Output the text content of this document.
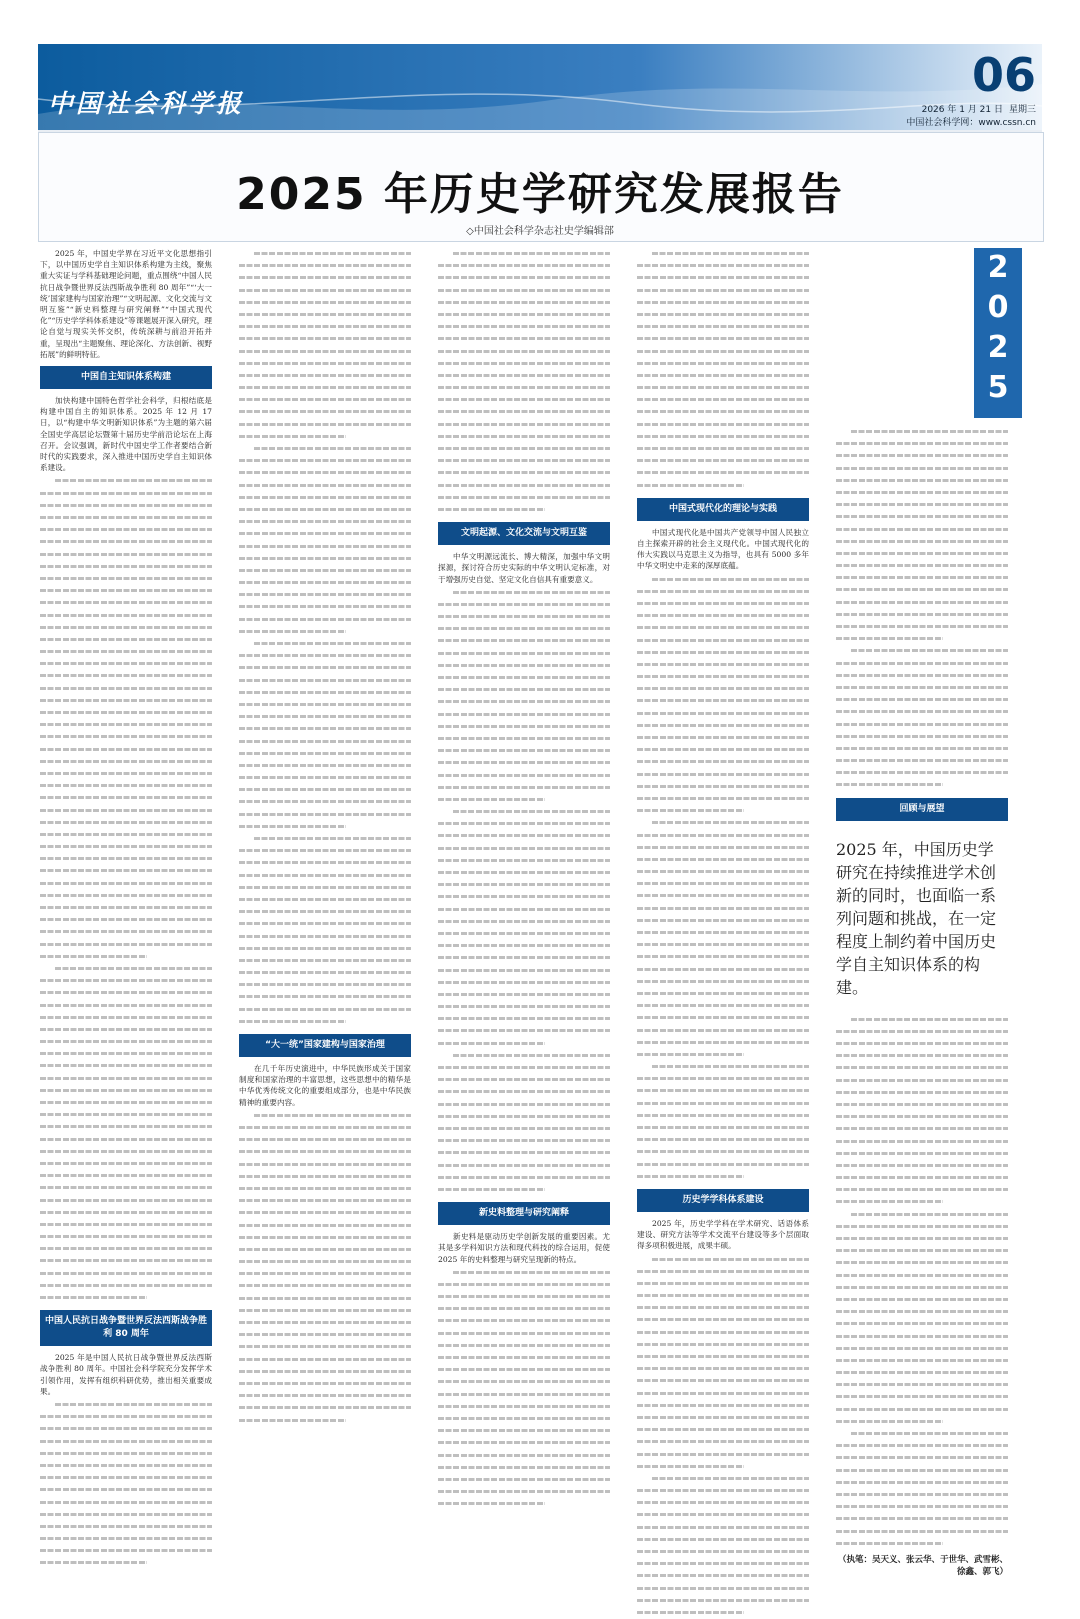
中国社会科学报
06
2026 年 1 月 21 日 星期三
中国社会科学网：www.cssn.cn
2025 年历史学研究发展报告
◇中国社会科学杂志社史学编辑部
2
0
2
5

2025 年，中国史学界在习近平文化思想指引下，以中国历史学自主知识体系构建为主线，聚焦重大实证与学科基础理论问题，重点围绕“中国人民抗日战争暨世界反法西斯战争胜利 80 周年”“‘大一统’国家建构与国家治理”“文明起源、文化交流与文明互鉴”“新史料整理与研究阐释”“中国式现代化”“历史学学科体系建设”等课题展开深入研究，理论自觉与现实关怀交织，传统深耕与前沿开拓并重，呈现出“主题聚焦、理论深化、方法创新、视野拓展”的鲜明特征。

中国自主知识体系构建

加快构建中国特色哲学社会科学，归根结底是构建中国自主的知识体系。2025 年 12 月 17 日，以“构建中华文明新知识体系”为主题的第六届全国史学高层论坛暨第十届历史学前沿论坛在上海召开。会议强调，新时代中国史学工作者要结合新时代的实践要求，深入推进中国历史学自主知识体系建设。

中国人民抗日战争暨世界反法西斯战争胜利 80 周年

2025 年是中国人民抗日战争暨世界反法西斯战争胜利 80 周年。中国社会科学院充分发挥学术引领作用，发挥有组织科研优势，推出相关重要成果。

“大一统”国家建构与国家治理

在几千年历史演进中，中华民族形成关于国家制度和国家治理的丰富思想，这些思想中的精华是中华优秀传统文化的重要组成部分，也是中华民族精神的重要内容。

文明起源、文化交流与文明互鉴

中华文明源远流长、博大精深，加强中华文明探源，探讨符合历史实际的中华文明认定标准，对于增强历史自觉、坚定文化自信具有重要意义。

新史料整理与研究阐释

新史料是驱动历史学创新发展的重要因素。尤其是多学科知识方法和现代科技的综合运用，促使 2025 年的史料整理与研究呈现新的特点。

中国式现代化的理论与实践

中国式现代化是中国共产党领导中国人民独立自主探索开辟的社会主义现代化。中国式现代化的伟大实践以马克思主义为指导，也具有 5000 多年中华文明史中走来的深厚底蕴。

历史学学科体系建设

2025 年，历史学学科在学术研究、话语体系建设、研究方法等学术交流平台建设等多个层面取得多项积极进展，成果丰硕。

回顾与展望

2025 年，中国历史学研究在持续推进学术创新的同时，也面临一系列问题和挑战，在一定程度上制约着中国历史学自主知识体系的构建。

（执笔：吴天义、张云华、于世华、武雪彬、徐鑫、郭飞）
